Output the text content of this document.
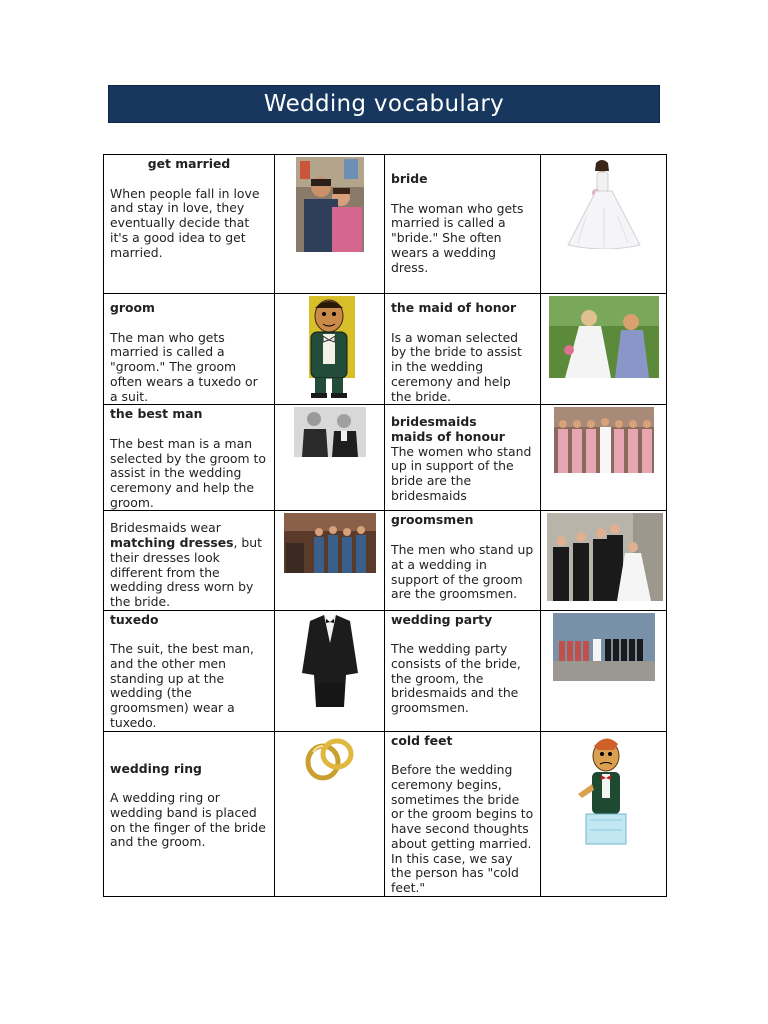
Wedding vocabulary
get married
When people fall in love and stay in love, they eventually decide that it's a good idea to get married.		bride
The woman who gets married is called a "bride." She often wears a wedding dress.

groom
The man who gets married is called a "groom." The groom often wears a tuxedo or a suit.		the maid of honor
Is a woman selected by the bride to assist in the wedding ceremony and help the bride.

the best man
The best man is a man selected by the groom to assist in the wedding ceremony and help the groom.		bridesmaids
maids of honour
The women who stand up in support of the bride are the bridesmaids

Bridesmaids wear matching dresses, but their dresses look different from the wedding dress worn by the bride.		groomsmen
The men who stand up at a wedding in support of the groom are the groomsmen.

tuxedo
The suit, the best man, and the other men standing up at the wedding (the groomsmen) wear a tuxedo.		wedding party
The wedding party consists of the bride, the groom, the bridesmaids and the groomsmen.

wedding ring
A wedding ring or wedding band is placed on the finger of the bride and the groom.		cold feet
Before the wedding ceremony begins, sometimes the bride or the groom begins to have second thoughts about getting married. In this case, we say the person has "cold feet."
